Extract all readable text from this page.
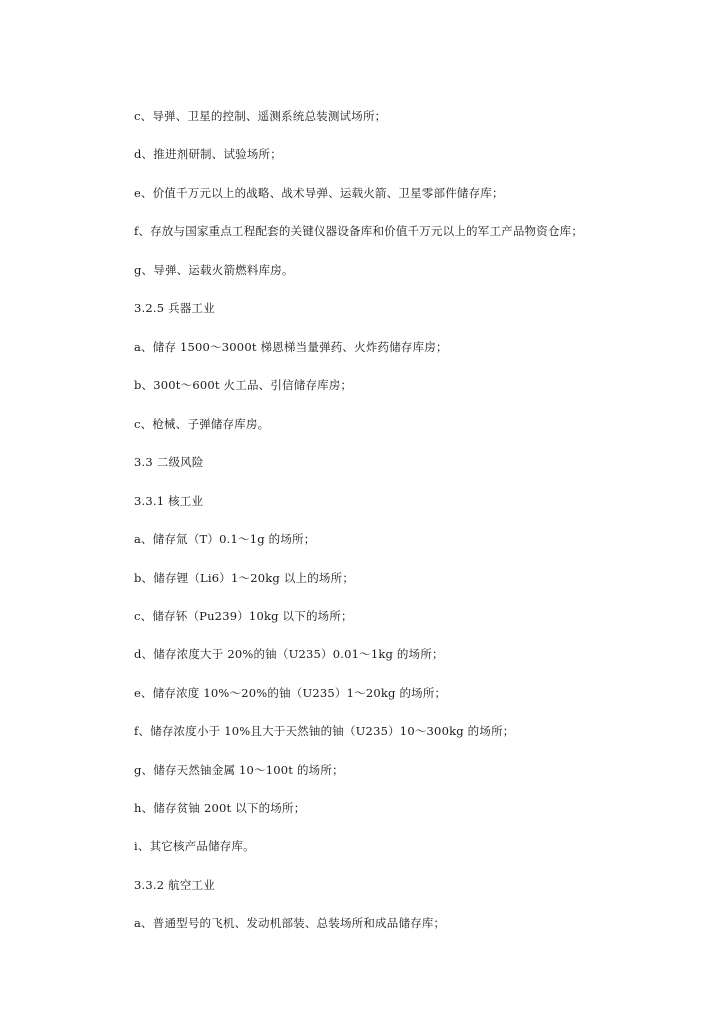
c、导弹、卫星的控制、遥测系统总装测试场所；

d、推进剂研制、试验场所；

e、价值千万元以上的战略、战术导弹、运载火箭、卫星零部件储存库；

f、存放与国家重点工程配套的关键仪器设备库和价值千万元以上的军工产品物资仓库；

g、导弹、运载火箭燃料库房。

3.2.5 兵器工业

a、储存 1500～3000t 梯恩梯当量弹药、火炸药储存库房；

b、300t～600t 火工品、引信储存库房；

c、枪械、子弹储存库房。

3.3 二级风险

3.3.1 核工业

a、储存氚（T）0.1～1g 的场所；

b、储存锂（Li6）1～20kg 以上的场所；

c、储存钚（Pu239）10kg 以下的场所；

d、储存浓度大于 20%的铀（U235）0.01～1kg 的场所；

e、储存浓度 10%～20%的铀（U235）1～20kg 的场所；

f、储存浓度小于 10%且大于天然铀的铀（U235）10～300kg 的场所；

g、储存天然铀金属 10～100t 的场所；

h、储存贫铀 200t 以下的场所；

i、其它核产品储存库。

3.3.2 航空工业

a、普通型号的飞机、发动机部装、总装场所和成品储存库；
